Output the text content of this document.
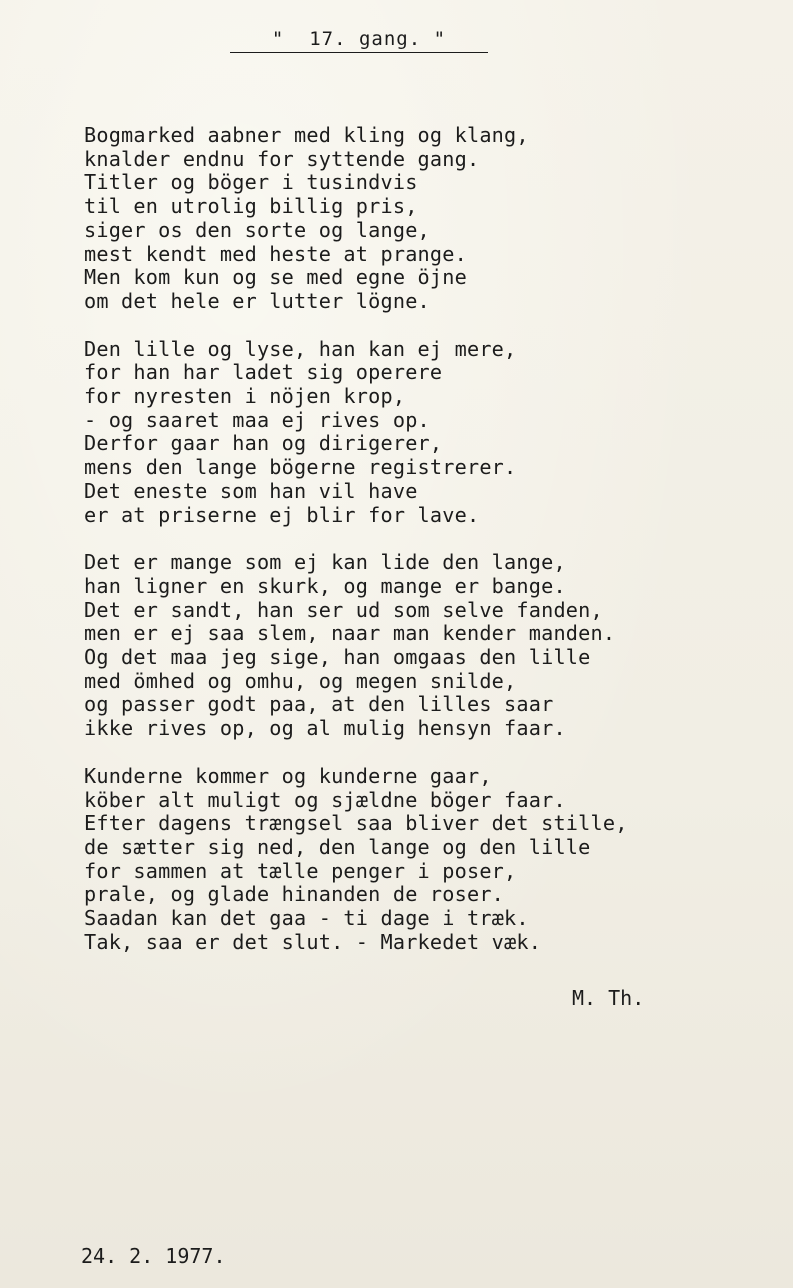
"  17. gang. "
Bogmarked aabner med kling og klang,
knalder endnu for syttende gang.
Titler og böger i tusindvis
til en utrolig billig pris,
siger os den sorte og lange,
mest kendt med heste at prange.
Men kom kun og se med egne öjne
om det hele er lutter lögne.
Den lille og lyse, han kan ej mere,
for han har ladet sig operere
for nyresten i nöjen krop,
- og saaret maa ej rives op.
Derfor gaar han og dirigerer,
mens den lange bögerne registrerer.
Det eneste som han vil have
er at priserne ej blir for lave.
Det er mange som ej kan lide den lange,
han ligner en skurk, og mange er bange.
Det er sandt, han ser ud som selve fanden,
men er ej saa slem, naar man kender manden.
Og det maa jeg sige, han omgaas den lille
med ömhed og omhu, og megen snilde,
og passer godt paa, at den lilles saar
ikke rives op, og al mulig hensyn faar.
Kunderne kommer og kunderne gaar,
köber alt muligt og sjældne böger faar.
Efter dagens trængsel saa bliver det stille,
de sætter sig ned, den lange og den lille
for sammen at tælle penger i poser,
prale, og glade hinanden de roser.
Saadan kan det gaa - ti dage i træk.
Tak, saa er det slut. - Markedet væk.
M. Th.
24. 2. 1977.
